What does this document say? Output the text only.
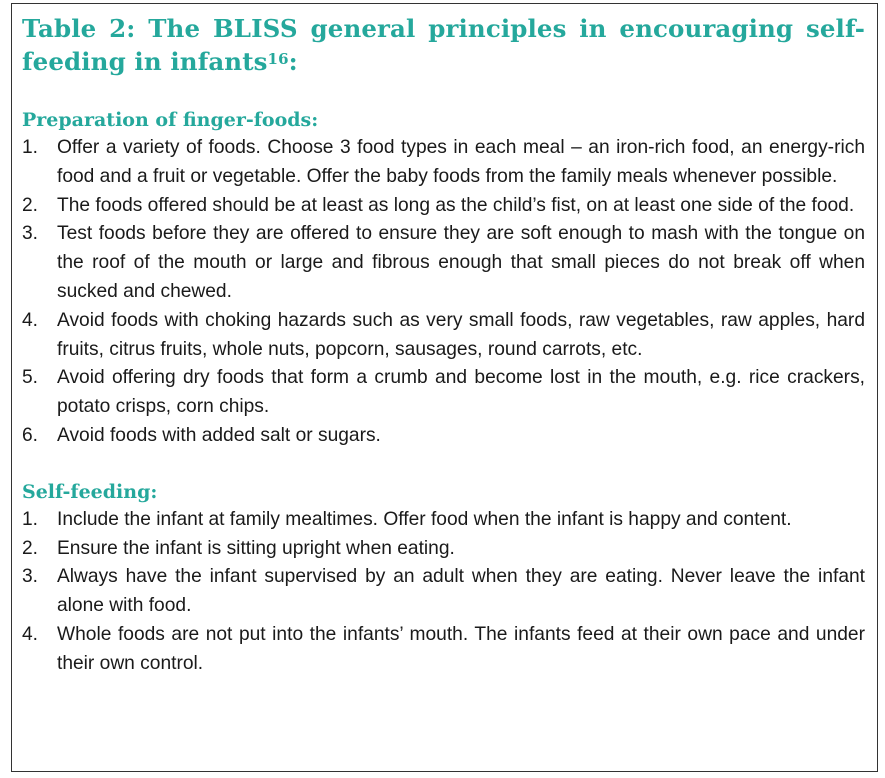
Table 2: The BLISS general principles in encouraging self-feeding in infants$^{16}$:
Preparation of finger-foods:
1. Offer a variety of foods. Choose 3 food types in each meal – an iron-rich food, an energy-rich food and a fruit or vegetable. Offer the baby foods from the family meals whenever possible.
2. The foods offered should be at least as long as the child’s fist, on at least one side of the food.
3. Test foods before they are offered to ensure they are soft enough to mash with the tongue on the roof of the mouth or large and fibrous enough that small pieces do not break off when sucked and chewed.
4. Avoid foods with choking hazards such as very small foods, raw vegetables, raw apples, hard fruits, citrus fruits, whole nuts, popcorn, sausages, round carrots, etc.
5. Avoid offering dry foods that form a crumb and become lost in the mouth, e.g. rice crackers, potato crisps, corn chips.
6. Avoid foods with added salt or sugars.
Self-feeding:
1. Include the infant at family mealtimes. Offer food when the infant is happy and content.
2. Ensure the infant is sitting upright when eating.
3. Always have the infant supervised by an adult when they are eating. Never leave the infant alone with food.
4. Whole foods are not put into the infants’ mouth. The infants feed at their own pace and under their own control.
